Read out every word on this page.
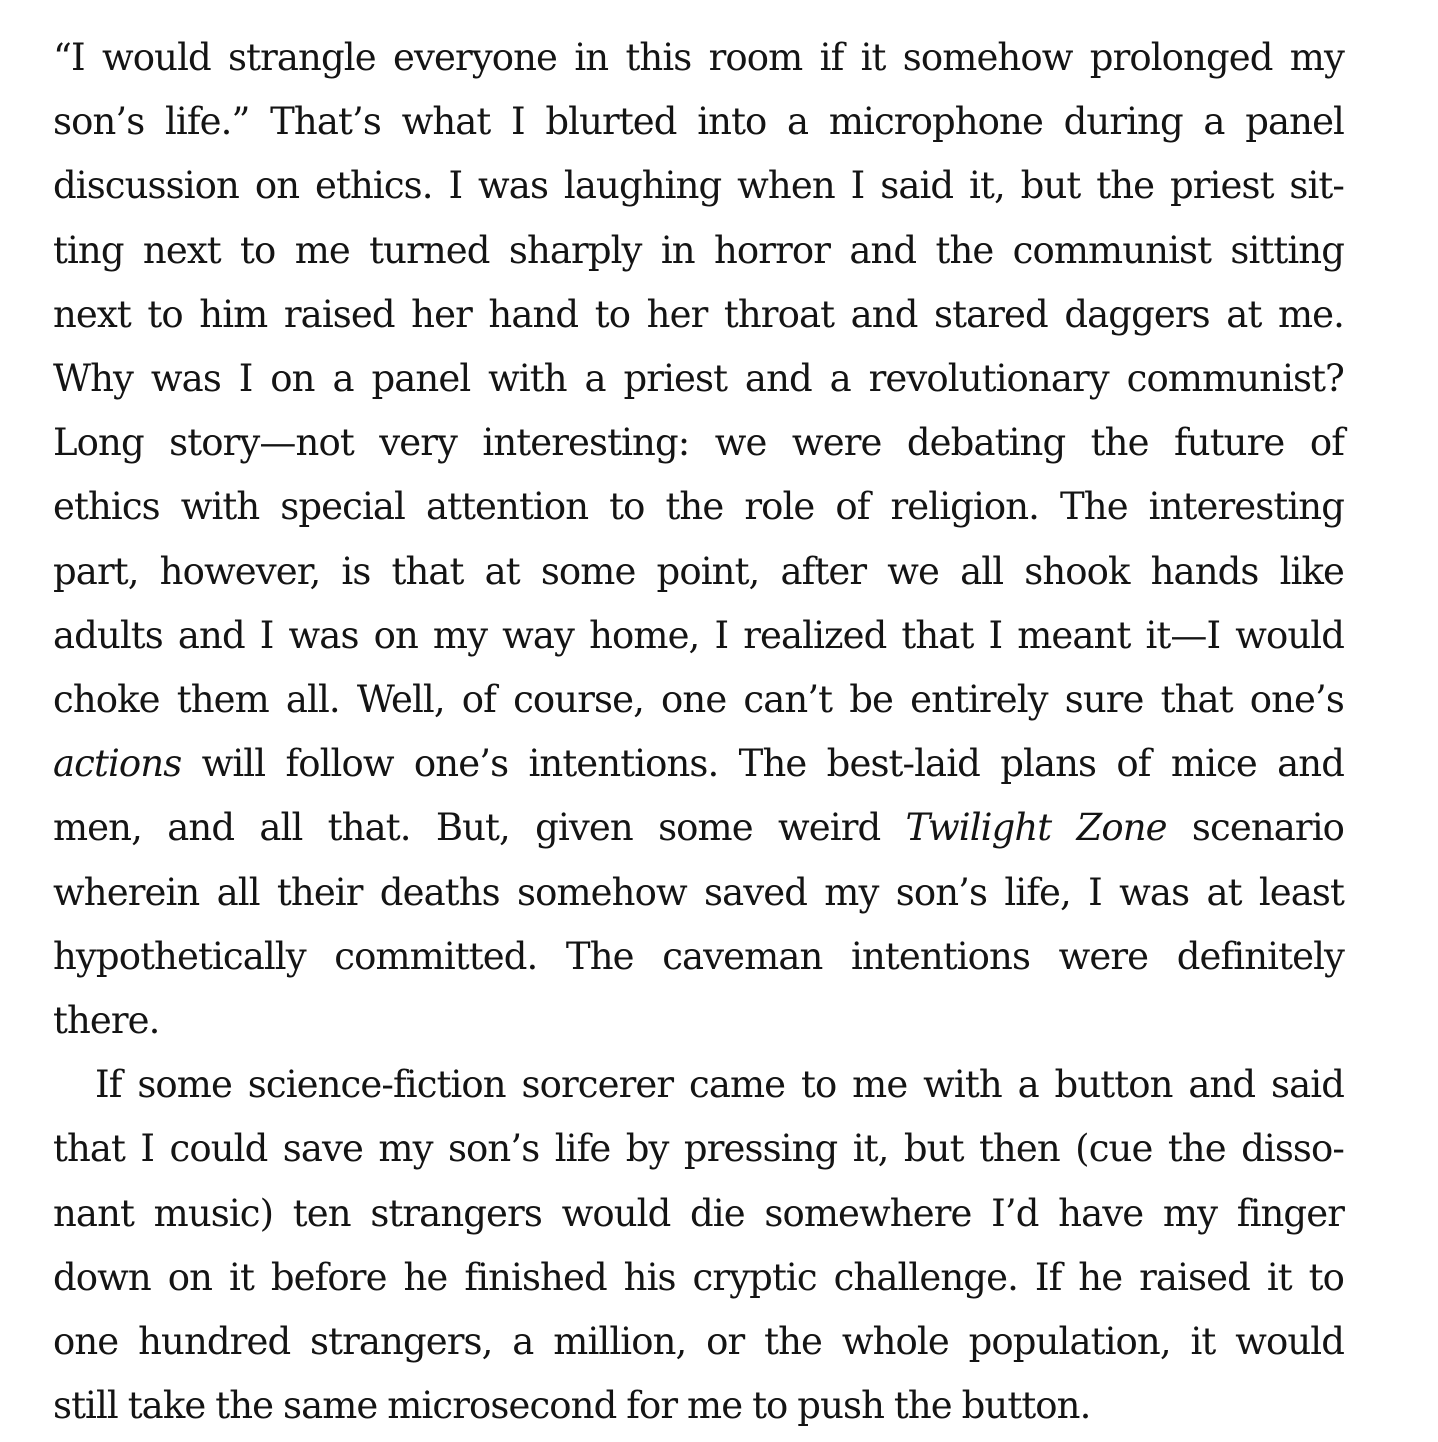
“I would strangle everyone in this room if it somehow prolonged my
son’s life.” That’s what I blurted into a microphone during a panel
discussion on ethics. I was laughing when I said it, but the priest sit-
ting next to me turned sharply in horror and the communist sitting
next to him raised her hand to her throat and stared daggers at me.
Why was I on a panel with a priest and a revolutionary communist?
Long story—not very interesting: we were debating the future of
ethics with special attention to the role of religion. The interesting
part, however, is that at some point, after we all shook hands like
adults and I was on my way home, I realized that I meant it—I would
choke them all. Well, of course, one can’t be entirely sure that one’s
actions will follow one’s intentions. The best-laid plans of mice and
men, and all that. But, given some weird Twilight Zone scenario
wherein all their deaths somehow saved my son’s life, I was at least
hypothetically committed. The caveman intentions were definitely
there.

If some science-fiction sorcerer came to me with a button and said
that I could save my son’s life by pressing it, but then (cue the disso-
nant music) ten strangers would die somewhere I’d have my finger
down on it before he finished his cryptic challenge. If he raised it to
one hundred strangers, a million, or the whole population, it would
still take the same microsecond for me to push the button.
